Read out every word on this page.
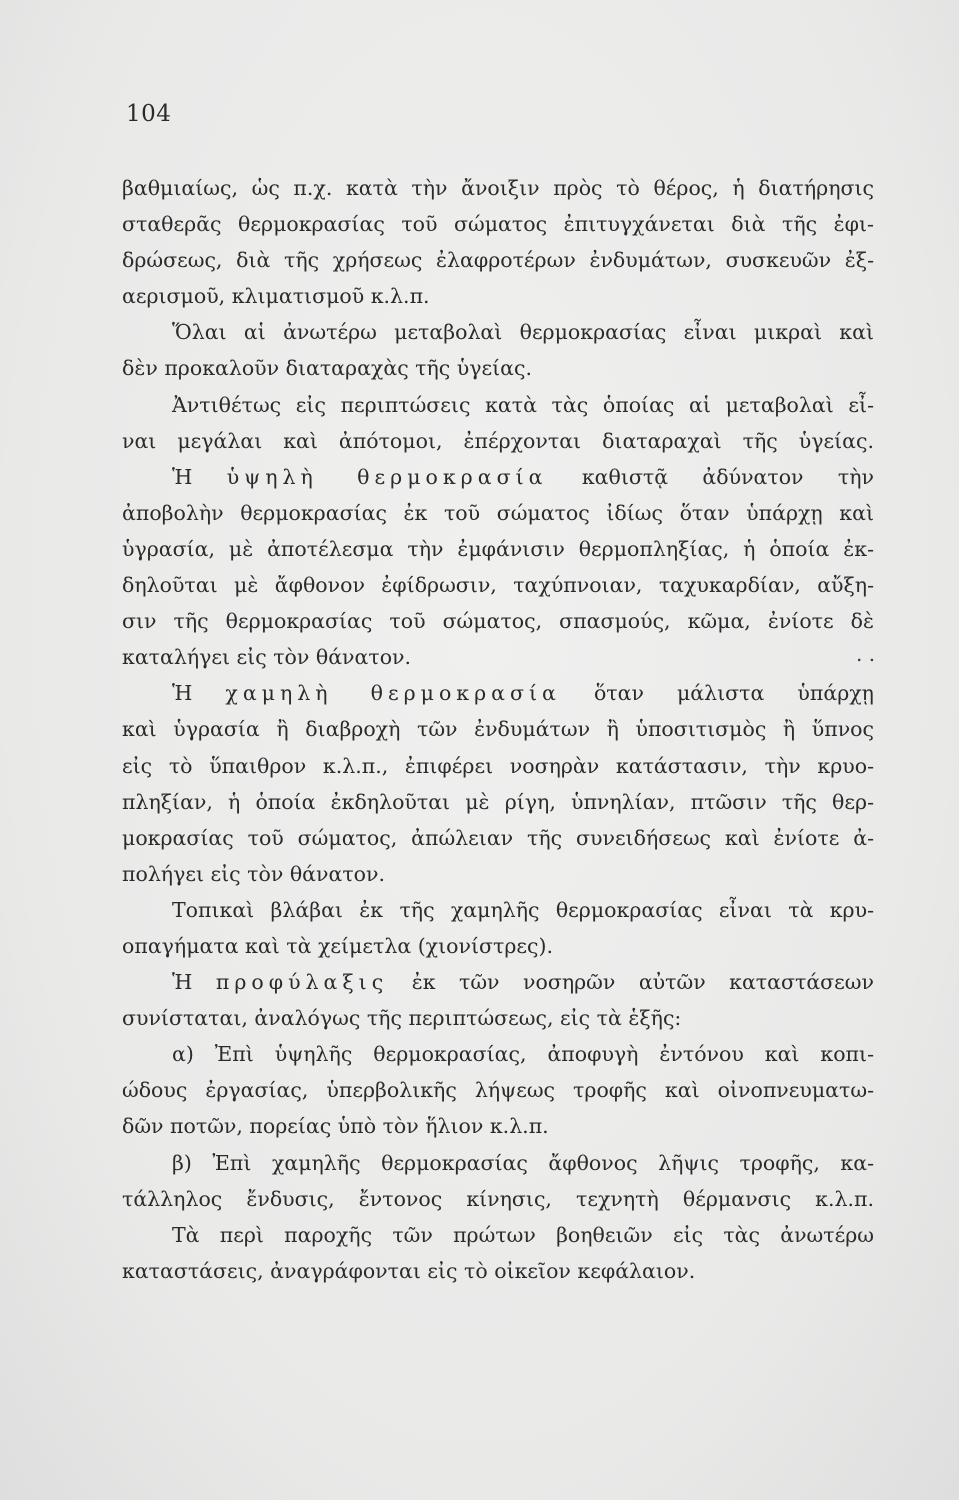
104
βαθμιαίως, ὡς π.χ. κατὰ τὴν ἄνοιξιν πρὸς τὸ θέρος, ἡ διατήρησις
σταθερᾶς θερμοκρασίας τοῦ σώματος ἐπιτυγχάνεται διὰ τῆς ἐφι-
δρώσεως, διὰ τῆς χρήσεως ἐλαφροτέρων ἐνδυμάτων, συσκευῶν ἐξ-
αερισμοῦ, κλιματισμοῦ κ.λ.π.
Ὅλαι αἱ ἀνωτέρω μεταβολαὶ θερμοκρασίας εἶναι μικραὶ καὶ
δὲν προκαλοῦν διαταραχὰς τῆς ὑγείας.
Ἀντιθέτως εἰς περιπτώσεις κατὰ τὰς ὁποίας αἱ μεταβολαὶ εἶ-
ναι μεγάλαι καὶ ἀπότομοι, ἐπέρχονται διαταραχαὶ τῆς ὑγείας.
Ἡ ὑψηλὴ θερμοκρασία καθιστᾷ ἀδύνατον τὴν
ἀποβολὴν θερμοκρασίας ἐκ τοῦ σώματος ἰδίως ὅταν ὑπάρχῃ καὶ
ὑγρασία, μὲ ἀποτέλεσμα τὴν ἐμφάνισιν θερμοπληξίας, ἡ ὁποία ἐκ-
δηλοῦται μὲ ἄφθονον ἐφίδρωσιν, ταχύπνοιαν, ταχυκαρδίαν, αὔξη-
σιν τῆς θερμοκρασίας τοῦ σώματος, σπασμούς, κῶμα, ἐνίοτε δὲ
καταλήγει εἰς τὸν θάνατον.
Ἡ χαμηλὴ θερμοκρασία ὅταν μάλιστα ὑπάρχῃ
καὶ ὑγρασία ἢ διαβροχὴ τῶν ἐνδυμάτων ἢ ὑποσιτισμὸς ἢ ὕπνος
εἰς τὸ ὕπαιθρον κ.λ.π., ἐπιφέρει νοσηρὰν κατάστασιν, τὴν κρυο-
πληξίαν, ἡ ὁποία ἐκδηλοῦται μὲ ρίγη, ὑπνηλίαν, πτῶσιν τῆς θερ-
μοκρασίας τοῦ σώματος, ἀπώλειαν τῆς συνειδήσεως καὶ ἐνίοτε ἀ-
πολήγει εἰς τὸν θάνατον.
Τοπικαὶ βλάβαι ἐκ τῆς χαμηλῆς θερμοκρασίας εἶναι τὰ κρυ-
οπαγήματα καὶ τὰ χείμετλα (χιονίστρες).
Ἡ προφύλαξις ἐκ τῶν νοσηρῶν αὐτῶν καταστάσεων
συνίσταται, ἀναλόγως τῆς περιπτώσεως, εἰς τὰ ἑξῆς:
α) Ἐπὶ ὑψηλῆς θερμοκρασίας, ἀποφυγὴ ἐντόνου καὶ κοπι-
ώδους ἐργασίας, ὑπερβολικῆς λήψεως τροφῆς καὶ οἰνοπνευματω-
δῶν ποτῶν, πορείας ὑπὸ τὸν ἥλιον κ.λ.π.
β) Ἐπὶ χαμηλῆς θερμοκρασίας ἄφθονος λῆψις τροφῆς, κα-
τάλληλος ἔνδυσις, ἔντονος κίνησις, τεχνητὴ θέρμανσις κ.λ.π.
Τὰ περὶ παροχῆς τῶν πρώτων βοηθειῶν εἰς τὰς ἀνωτέρω
καταστάσεις, ἀναγράφονται εἰς τὸ οἰκεῖον κεφάλαιον.
. .
